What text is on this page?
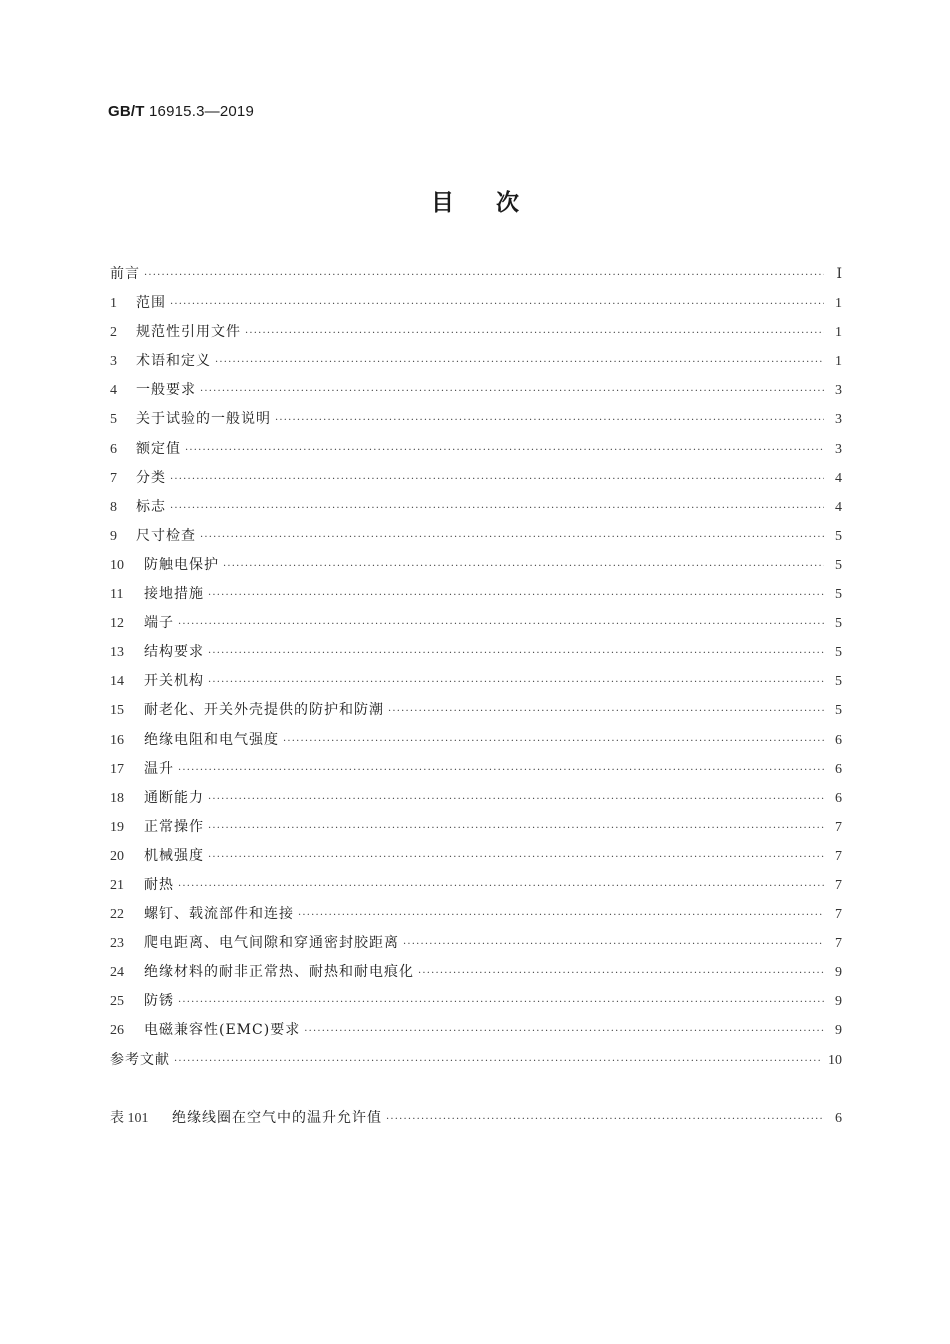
GB/T 16915.3—2019
目次
前言 ·····	Ⅰ
1	范围 ·····	1
2	规范性引用文件 ·····	1
3	术语和定义 ·····	1
4	一般要求 ·····	3
5	关于试验的一般说明 ·····	3
6	额定值 ·····	3
7	分类 ·····	4
8	标志 ·····	4
9	尺寸检查 ·····	5
10	防触电保护 ·····	5
11	接地措施 ·····	5
12	端子 ·····	5
13	结构要求 ·····	5
14	开关机构 ·····	5
15	耐老化、开关外壳提供的防护和防潮 ·····	5
16	绝缘电阻和电气强度 ·····	6
17	温升 ·····	6
18	通断能力 ·····	6
19	正常操作 ·····	7
20	机械强度 ·····	7
21	耐热 ·····	7
22	螺钉、载流部件和连接 ·····	7
23	爬电距离、电气间隙和穿通密封胶距离 ·····	7
24	绝缘材料的耐非正常热、耐热和耐电痕化 ·····	9
25	防锈 ·····	9
26	电磁兼容性(EMC)要求 ·····	9
参考文献 ·····	10
表 101	绝缘线圈在空气中的温升允许值 ·····	6
